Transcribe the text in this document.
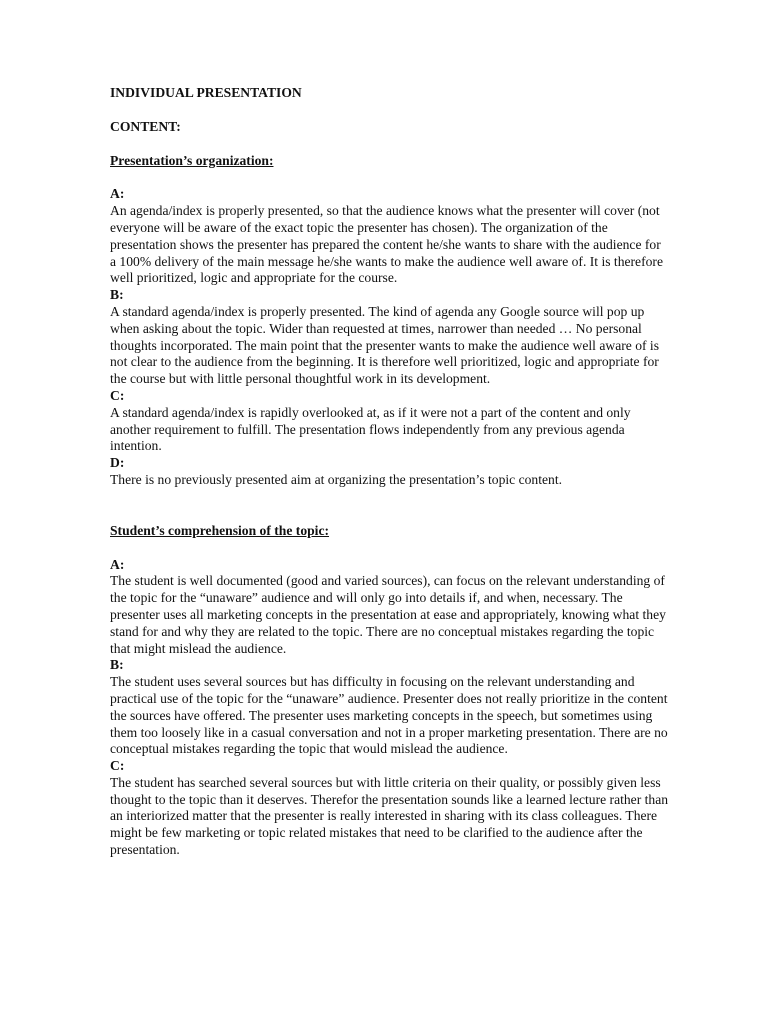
INDIVIDUAL PRESENTATION

CONTENT:

Presentation’s organization:

A:

An agenda/index is properly presented, so that the audience knows what the presenter will cover (not everyone will be aware of the exact topic the presenter has chosen). The organization of the presentation shows the presenter has prepared the content he/she wants to share with the audience for a 100% delivery of the main message he/she wants to make the audience well aware of. It is therefore well prioritized, logic and appropriate for the course.

B:

A standard agenda/index is properly presented. The kind of agenda any Google source will pop up when asking about the topic. Wider than requested at times, narrower than needed … No personal thoughts incorporated. The main point that the presenter wants to make the audience well aware of is not clear to the audience from the beginning. It is therefore well prioritized, logic and appropriate for the course but with little personal thoughtful work in its development.

C:

A standard agenda/index is rapidly overlooked at, as if it were not a part of the content and only another requirement to fulfill. The presentation flows independently from any previous agenda intention.

D:

There is no previously presented aim at organizing the presentation’s topic content.

Student’s comprehension of the topic:

A:

The student is well documented (good and varied sources), can focus on the relevant understanding of the topic for the “unaware” audience and will only go into details if, and when, necessary. The presenter uses all marketing concepts in the presentation at ease and appropriately, knowing what they stand for and why they are related to the topic. There are no conceptual mistakes regarding the topic that might mislead the audience.

B:

The student uses several sources but has difficulty in focusing on the relevant understanding and practical use of the topic for the “unaware” audience. Presenter does not really prioritize in the content the sources have offered. The presenter uses marketing concepts in the speech, but sometimes using them too loosely like in a casual conversation and not in a proper marketing presentation. There are no conceptual mistakes regarding the topic that would mislead the audience.

C:

The student has searched several sources but with little criteria on their quality, or possibly given less thought to the topic than it deserves. Therefor the presentation sounds like a learned lecture rather than an interiorized matter that the presenter is really interested in sharing with its class colleagues. There might be few marketing or topic related mistakes that need to be clarified to the audience after the presentation.
